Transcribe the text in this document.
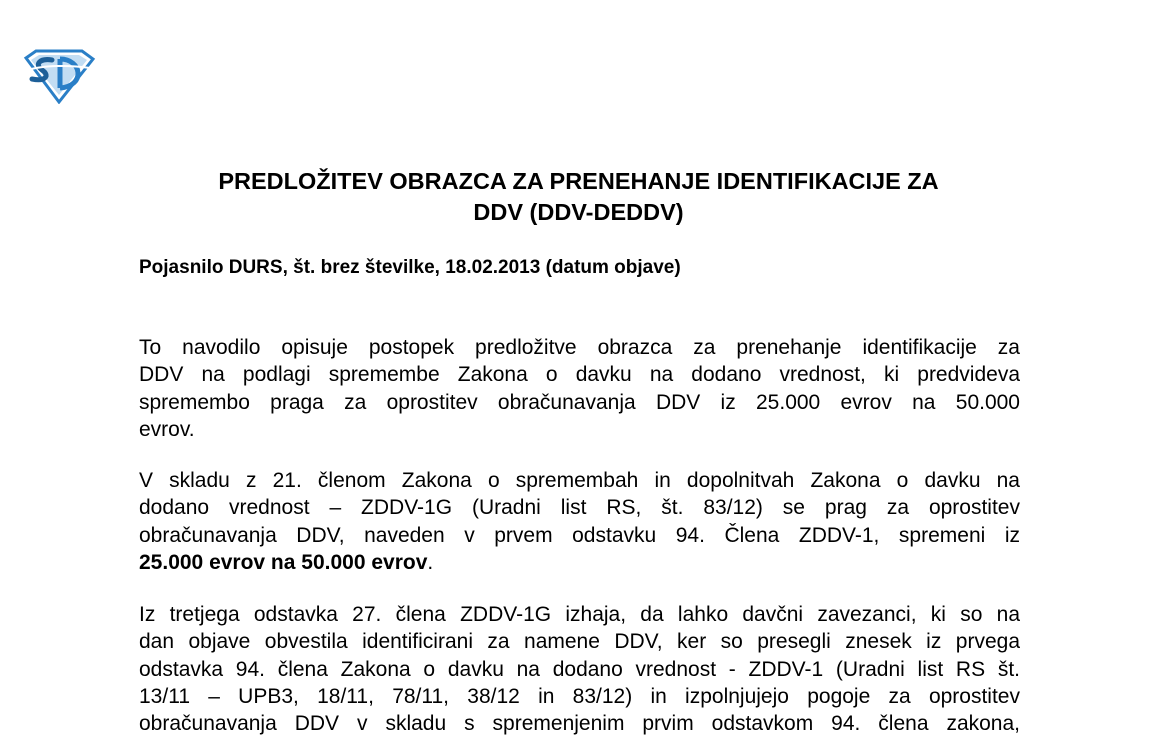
PREDLOŽITEV OBRAZCA ZA PRENEHANJE IDENTIFIKACIJE ZA
DDV (DDV-DEDDV)
Pojasnilo DURS, št. brez številke, 18.02.2013 (datum objave)
To navodilo opisuje postopek predložitve obrazca za prenehanje identifikacije za
DDV na podlagi spremembe Zakona o davku na dodano vrednost, ki predvideva
spremembo praga za oprostitev obračunavanja DDV iz 25.000 evrov na 50.000
evrov.
V skladu z 21. členom Zakona o spremembah in dopolnitvah Zakona o davku na
dodano vrednost – ZDDV-1G (Uradni list RS, št. 83/12) se prag za oprostitev
obračunavanja DDV, naveden v prvem odstavku 94. Člena ZDDV-1, spremeni iz
25.000 evrov na 50.000 evrov.
Iz tretjega odstavka 27. člena ZDDV-1G izhaja, da lahko davčni zavezanci, ki so na
dan objave obvestila identificirani za namene DDV, ker so presegli znesek iz prvega
odstavka 94. člena Zakona o davku na dodano vrednost - ZDDV-1 (Uradni list RS št.
13/11 – UPB3, 18/11, 78/11, 38/12 in 83/12) in izpolnjujejo pogoje za oprostitev
obračunavanja DDV v skladu s spremenjenim prvim odstavkom 94. člena zakona,
